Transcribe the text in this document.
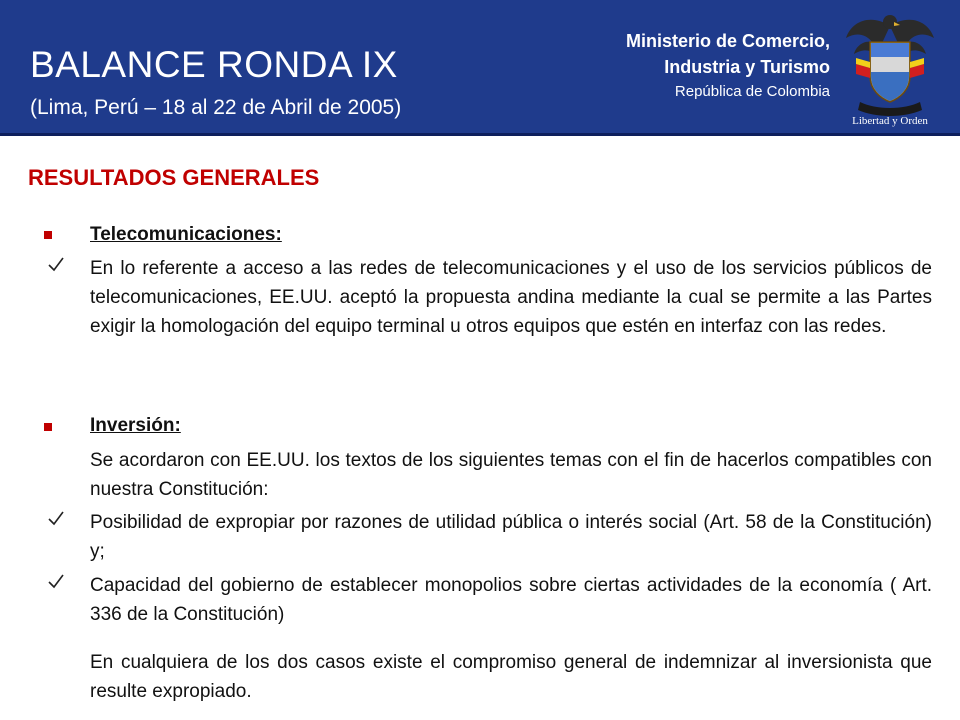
BALANCE RONDA IX
(Lima, Perú – 18 al 22 de Abril de 2005)
Ministerio de Comercio,
Industria y Turismo
República de Colombia
Libertad y Orden
RESULTADOS GENERALES
Telecomunicaciones:
En lo referente a acceso a las redes de telecomunicaciones y el uso de los servicios públicos de telecomunicaciones, EE.UU. aceptó la propuesta andina mediante la cual se permite a las Partes exigir la homologación del equipo terminal u otros equipos que estén en interfaz con las redes.
Inversión:
Se acordaron con EE.UU. los textos de los siguientes temas con el fin de hacerlos compatibles con nuestra Constitución:
Posibilidad de expropiar por razones de utilidad pública o interés social (Art. 58 de la Constitución) y;
Capacidad del gobierno de establecer monopolios sobre ciertas actividades de la economía ( Art. 336 de la Constitución)
En cualquiera de los dos casos existe el compromiso general de indemnizar al inversionista que resulte expropiado.
